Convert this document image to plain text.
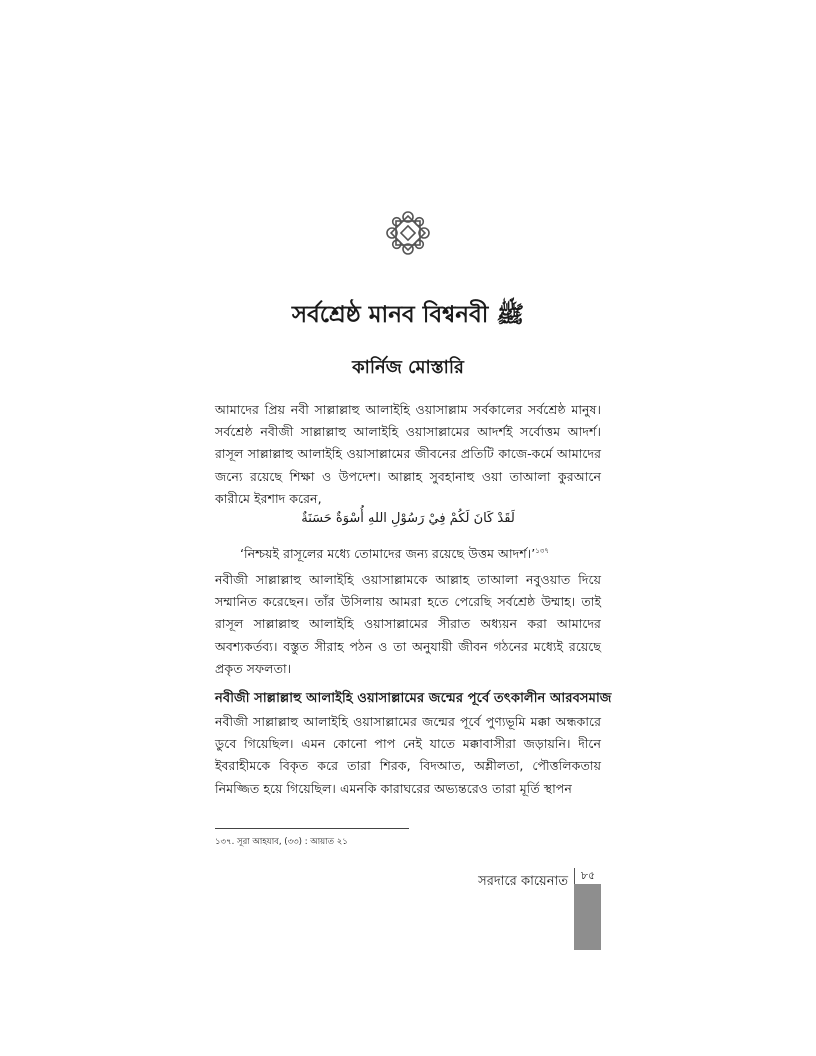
সর্বশ্রেষ্ঠ মানব বিশ্বনবী ﷺ
কার্নিজ মোস্তারি

আমাদের প্রিয় নবী সাল্লাল্লাহু আলাইহি ওয়াসাল্লাম সর্বকালের সর্বশ্রেষ্ঠ মানুষ। সর্বশ্রেষ্ঠ নবীজী সাল্লাল্লাহু আলাইহি ওয়াসাল্লামের আদর্শই সর্বোত্তম আদর্শ। রাসূল সাল্লাল্লাহু আলাইহি ওয়াসাল্লামের জীবনের প্রতিটি কাজে-কর্মে আমাদের জন্যে রয়েছে শিক্ষা ও উপদেশ। আল্লাহ সুবহানাহু ওয়া তাআলা কুরআনে কারীমে ইরশাদ করেন,

لَقَدْ كَانَ لَكُمْ فِيْ رَسُوْلِ اللهِ أُسْوَةٌ حَسَنَةٌ
‘নিশ্চয়ই রাসূলের মধ্যে তোমাদের জন্য রয়েছে উত্তম আদর্শ।’$^{১৩৭}$

নবীজী সাল্লাল্লাহু আলাইহি ওয়াসাল্লামকে আল্লাহ তাআলা নবুওয়াত দিয়ে সম্মানিত করেছেন। তাঁর উসিলায় আমরা হতে পেরেছি সর্বশ্রেষ্ঠ উম্মাহ। তাই রাসূল সাল্লাল্লাহু আলাইহি ওয়াসাল্লামের সীরাত অধ্যয়ন করা আমাদের অবশ্যকর্তব্য। বস্তুত সীরাহ পঠন ও তা অনুযায়ী জীবন গঠনের মধ্যেই রয়েছে প্রকৃত সফলতা।

নবীজী সাল্লাল্লাহু আলাইহি ওয়াসাল্লামের জন্মের পূর্বে তৎকালীন আরবসমাজ

নবীজী সাল্লাল্লাহু আলাইহি ওয়াসাল্লামের জন্মের পূর্বে পুণ্যভূমি মক্কা অন্ধকারে ডুবে গিয়েছিল। এমন কোনো পাপ নেই যাতে মক্কাবাসীরা জড়ায়নি। দীনে ইবরাহীমকে বিকৃত করে তারা শিরক, বিদআত, অশ্লীলতা, পৌত্তলিকতায় নিমজ্জিত হয়ে গিয়েছিল। এমনকি কারাঘরের অভ্যন্তরেও তারা মূর্তি স্থাপন

১৩৭. সূরা আহযাব, (৩৩) : আয়াত ২১
সরদারে কায়েনাত	৮৫
